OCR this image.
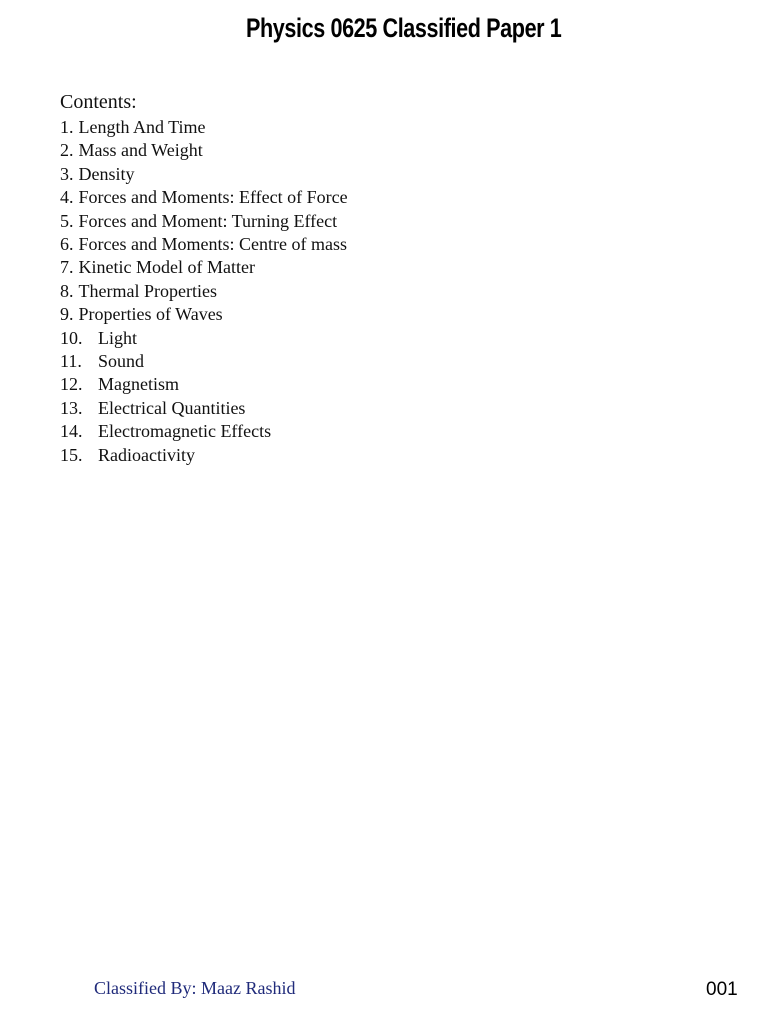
Physics 0625 Classified Paper 1
Contents:
1. Length And Time
2. Mass and Weight
3. Density
4. Forces and Moments: Effect of Force
5. Forces and Moment: Turning Effect
6. Forces and Moments: Centre of mass
7. Kinetic Model of Matter
8. Thermal Properties
9. Properties of Waves
10. Light
11. Sound
12. Magnetism
13. Electrical Quantities
14. Electromagnetic Effects
15. Radioactivity
Classified By: Maaz Rashid	001
